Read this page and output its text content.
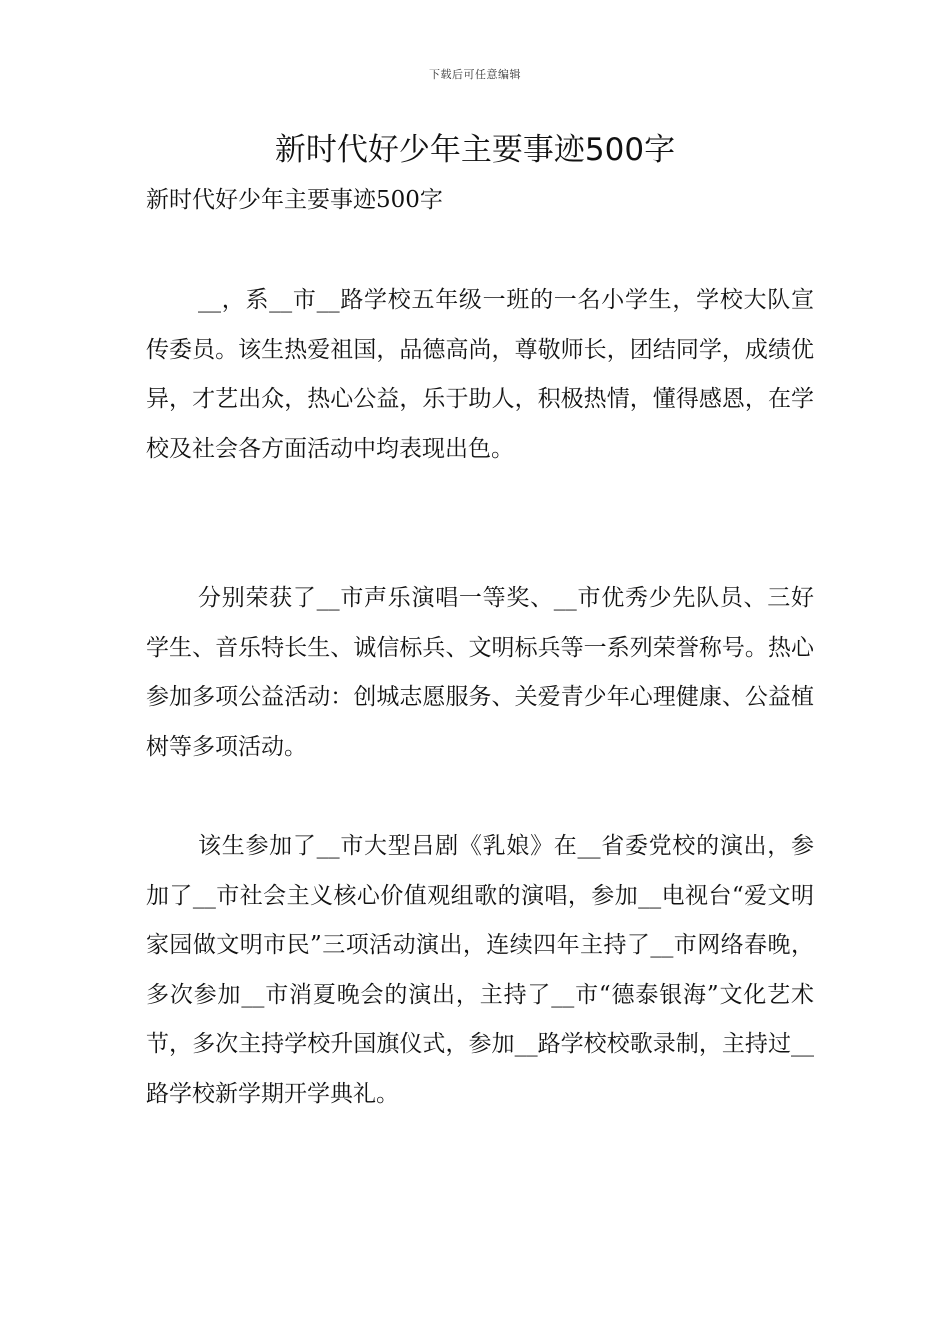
下载后可任意编辑
新时代好少年主要事迹500字

新时代好少年主要事迹500字

__，系__市__路学校五年级一班的一名小学生，学校大队宣传委员。该生热爱祖国，品德高尚，尊敬师长，团结同学，成绩优异，才艺出众，热心公益，乐于助人，积极热情，懂得感恩，在学校及社会各方面活动中均表现出色。

分别荣获了__市声乐演唱一等奖、__市优秀少先队员、三好学生、音乐特长生、诚信标兵、文明标兵等一系列荣誉称号。热心参加多项公益活动：创城志愿服务、关爱青少年心理健康、公益植树等多项活动。

该生参加了__市大型吕剧《乳娘》在__省委党校的演出，参加了__市社会主义核心价值观组歌的演唱，参加__电视台“爱文明家园做文明市民”三项活动演出，连续四年主持了__市网络春晚，多次参加__市消夏晚会的演出，主持了__市“德泰银海”文化艺术节，多次主持学校升国旗仪式，参加__路学校校歌录制，主持过__路学校新学期开学典礼。
